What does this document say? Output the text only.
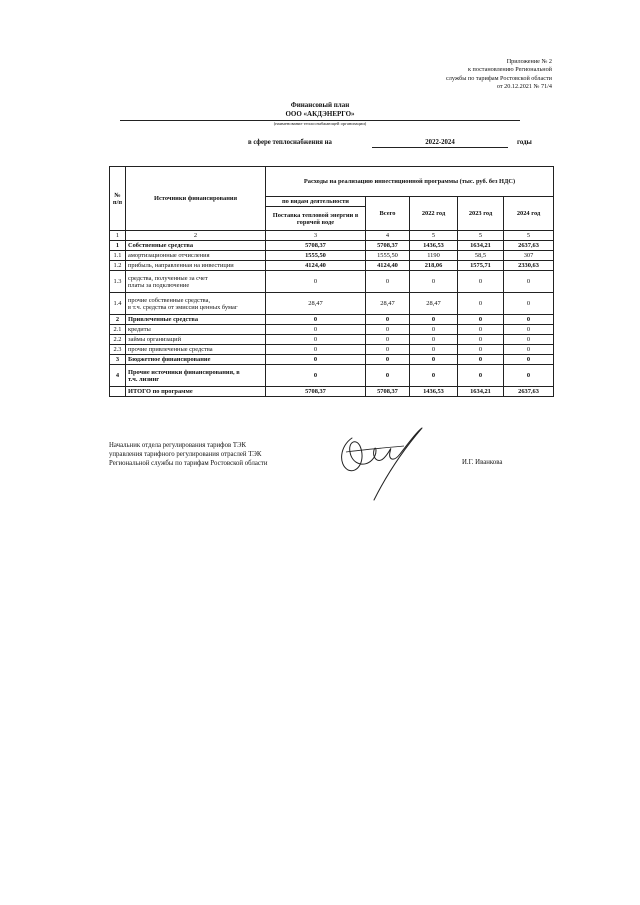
Приложение № 2
к постановлению Региональной
службы по тарифам Ростовской области
от 20.12.2021 № 71/4
Финансовый план
ООО «АКДЭНЕРГО»
(наименование теплоснабжающей организации)
в сфере теплоснабжения на	2022-2024	годы
№ п/п	Источники финансирования	Расходы на реализацию инвестиционной программы (тыс. руб. без НДС)				
		по видам деятельности	Всего	2022 год	2023 год	2024 год
		Поставка тепловой энергии в горячей воде				
1	2	3	4	5	5	5
1	Собственные средства	5708,37	5708,37	1436,53	1634,21	2637,63
1.1	амортизационные отчисления	1555,50	1555,50	1190	58,5	307
1.2	прибыль, направленная на инвестиции	4124,40	4124,40	218,06	1575,71	2330,63
1.3	средства, полученные за счет
платы за подключение	0	0	0	0	0
1.4	прочие собственные средства,
в т.ч. средства от эмиссии ценных бумаг	28,47	28,47	28,47	0	0
2	Привлеченные средства	0	0	0	0	0
2.1	кредиты	0	0	0	0	0
2.2	займы организаций	0	0	0	0	0
2.3	прочие привлеченные средства	0	0	0	0	0
3	Бюджетное финансирование	0	0	0	0	0
4	Прочие источники финансирования, в
т.ч. лизинг	0	0	0	0	0
	ИТОГО по программе	5708,37	5708,37	1436,53	1634,21	2637,63
Начальник отдела регулирования тарифов ТЭК
управления тарифного регулирования отраслей ТЭК
Региональной службы по тарифам Ростовской области	И.Г. Иванкова
